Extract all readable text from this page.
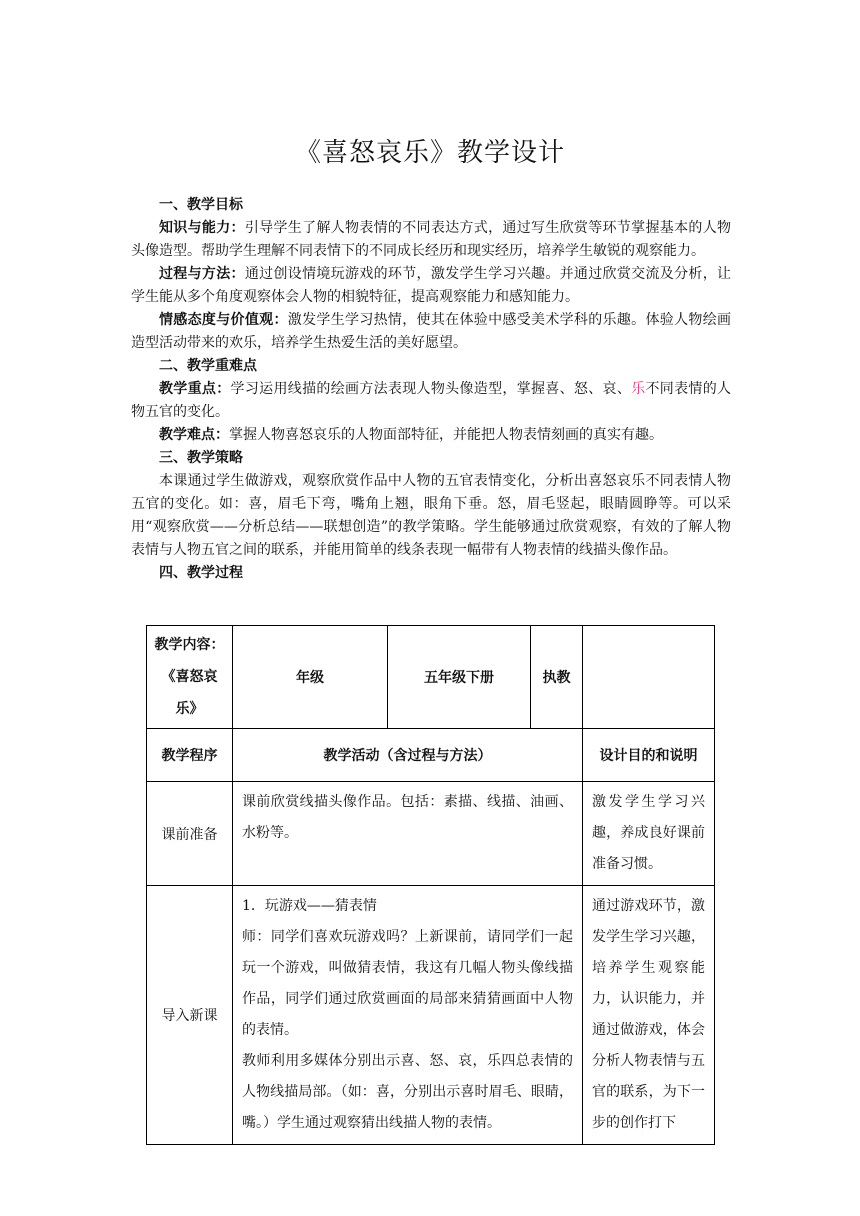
《喜怒哀乐》教学设计

一、教学目标

知识与能力：引导学生了解人物表情的不同表达方式，通过写生欣赏等环节掌握基本的人物头像造型。帮助学生理解不同表情下的不同成长经历和现实经历，培养学生敏锐的观察能力。

过程与方法：通过创设情境玩游戏的环节，激发学生学习兴趣。并通过欣赏交流及分析，让学生能从多个角度观察体会人物的相貌特征，提高观察能力和感知能力。

情感态度与价值观：激发学生学习热情，使其在体验中感受美术学科的乐趣。体验人物绘画造型活动带来的欢乐，培养学生热爱生活的美好愿望。

二、教学重难点

教学重点：学习运用线描的绘画方法表现人物头像造型，掌握喜、怒、哀、乐不同表情的人物五官的变化。

教学难点：掌握人物喜怒哀乐的人物面部特征，并能把人物表情刻画的真实有趣。

三、教学策略

本课通过学生做游戏，观察欣赏作品中人物的五官表情变化，分析出喜怒哀乐不同表情人物五官的变化。如：喜，眉毛下弯，嘴角上翘，眼角下垂。怒，眉毛竖起，眼睛圆睁等。可以采用“观察欣赏——分析总结——联想创造”的教学策略。学生能够通过欣赏观察，有效的了解人物表情与人物五官之间的联系，并能用简单的线条表现一幅带有人物表情的线描头像作品。

四、教学过程

教学内容：《喜怒哀乐》	年级	五年级下册	执教	
教学程序	教学活动（含过程与方法）			设计目的和说明
课前准备	课前欣赏线描头像作品。包括：素描、线描、油画、水粉等。			激发学生学习兴趣，养成良好课前准备习惯。

导入新课	1．玩游戏——猜表情
师：同学们喜欢玩游戏吗？上新课前，请同学们一起玩一个游戏，叫做猜表情，我这有几幅人物头像线描作品，同学们通过欣赏画面的局部来猜猜画面中人物的表情。
教师利用多媒体分别出示喜、怒、哀，乐四总表情的人物线描局部。（如：喜，分别出示喜时眉毛、眼睛，嘴。）学生通过观察猜出线描人物的表情。			通过游戏环节，激发学生学习兴趣，培养学生观察能力，认识能力，并通过做游戏，体会分析人物表情与五官的联系，为下一步的创作打下
